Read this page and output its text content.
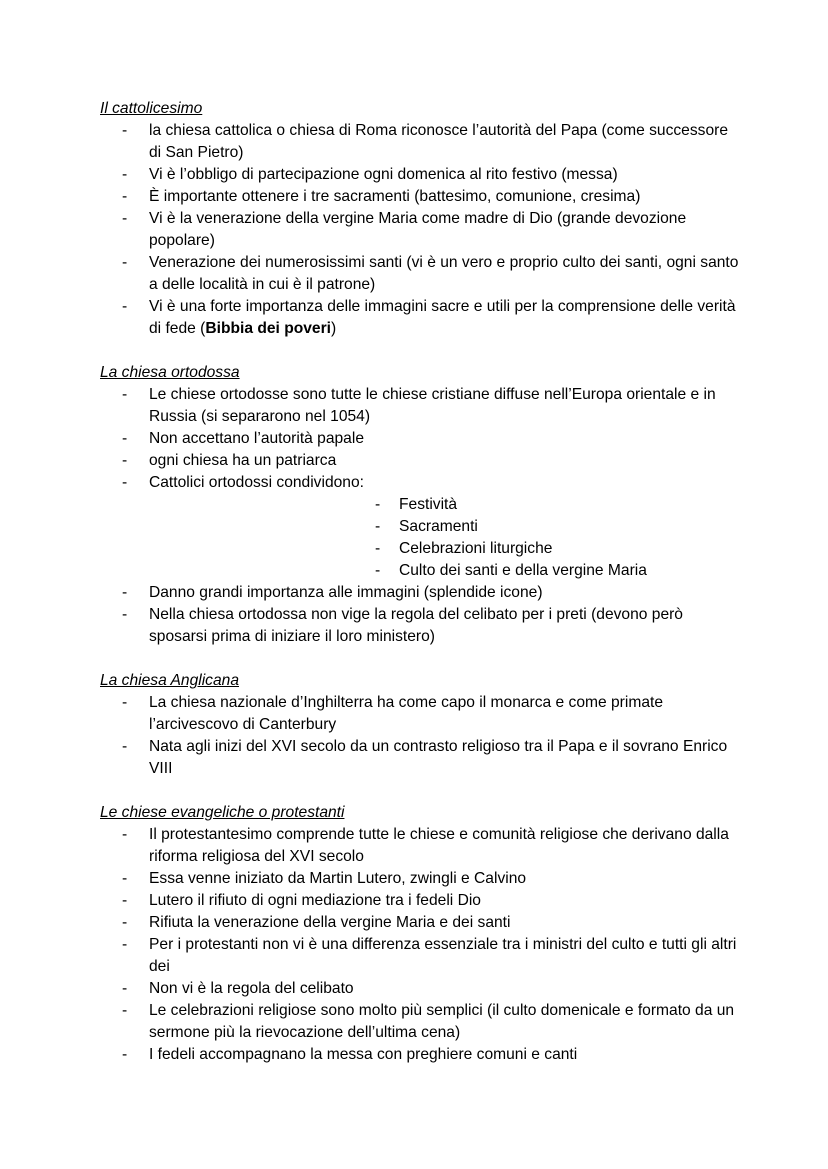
Il cattolicesimo
- la chiesa cattolica o chiesa di Roma riconosce l’autorità del Papa (come successore di San Pietro)
- Vi è l’obbligo di partecipazione ogni domenica al rito festivo (messa)
- È importante ottenere i tre sacramenti (battesimo, comunione, cresima)
- Vi è la venerazione della vergine Maria come madre di Dio (grande devozione popolare)
- Venerazione dei numerosissimi santi (vi è un vero e proprio culto dei santi, ogni santo a delle località in cui è il patrone)
- Vi è una forte importanza delle immagini sacre e utili per la comprensione delle verità di fede (Bibbia dei poveri)
La chiesa ortodossa
- Le chiese ortodosse sono tutte le chiese cristiane diffuse nell’Europa orientale e in Russia (si separarono nel 1054)
- Non accettano l’autorità papale
- ogni chiesa ha un patriarca
- Cattolici ortodossi condividono:
- Festività
- Sacramenti
- Celebrazioni liturgiche
- Culto dei santi e della vergine Maria
- Danno grandi importanza alle immagini (splendide icone)
- Nella chiesa ortodossa non vige la regola del celibato per i preti (devono però sposarsi prima di iniziare il loro ministero)
La chiesa Anglicana
- La chiesa nazionale d’Inghilterra ha come capo il monarca e come primate l’arcivescovo di Canterbury
- Nata agli inizi del XVI secolo da un contrasto religioso tra il Papa e il sovrano Enrico VIII
Le chiese evangeliche o protestanti
- Il protestantesimo comprende tutte le chiese e comunità religiose che derivano dalla riforma religiosa del XVI secolo
- Essa venne iniziato da Martin Lutero, zwingli e Calvino
- Lutero il rifiuto di ogni mediazione tra i fedeli Dio
- Rifiuta la venerazione della vergine Maria e dei santi
- Per i protestanti non vi è una differenza essenziale tra i ministri del culto e tutti gli altri dei
- Non vi è la regola del celibato
- Le celebrazioni religiose sono molto più semplici (il culto domenicale e formato da un sermone più la rievocazione dell’ultima cena)
- I fedeli accompagnano la messa con preghiere comuni e canti
